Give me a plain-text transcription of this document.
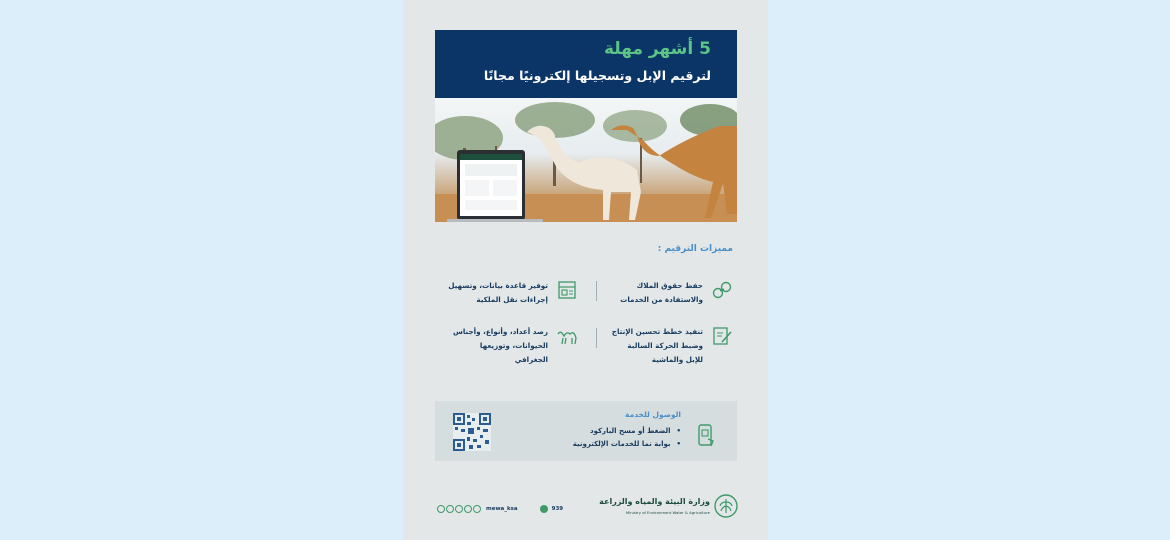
5 أشهر مهلة

لترقيم الإبل وتسجيلها إلكترونيًا مجانًا

مميزات الترقيم :

حفظ حقوق الملاك
والاستفادة من الخدمات

توفير قاعدة بيانات، وتسهيل
إجراءات نقل الملكية

تنفيذ خطط تحسين الإنتاج
وضبط الحركة السالبة
للإبل والماشية

رصد أعداد، وأنواع، وأجناس
الحيوانات، وتوزيعها
الجغرافي

الوصول للخدمة

• الضغط أو مسح الباركود
• بوابة نما للخدمات الإلكترونية

وزارة البيئة والمياه والزراعة

Ministry of Environment Water & Agriculture

mewa_ksa	939
